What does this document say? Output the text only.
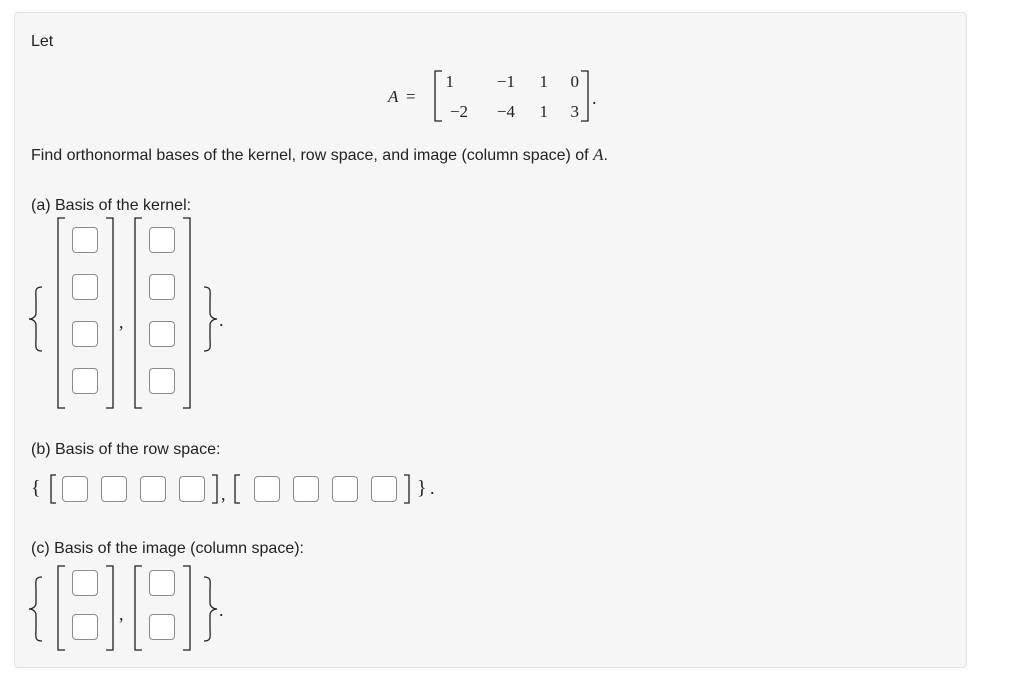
Let
A =
1	−1	1	0
−2	−4	1	3
.
Find orthonormal bases of the kernel, row space, and image (column space) of A.
(a) Basis of the kernel:
,	.
(b) Basis of the row space:
{	,	} .
(c) Basis of the image (column space):
,	.
